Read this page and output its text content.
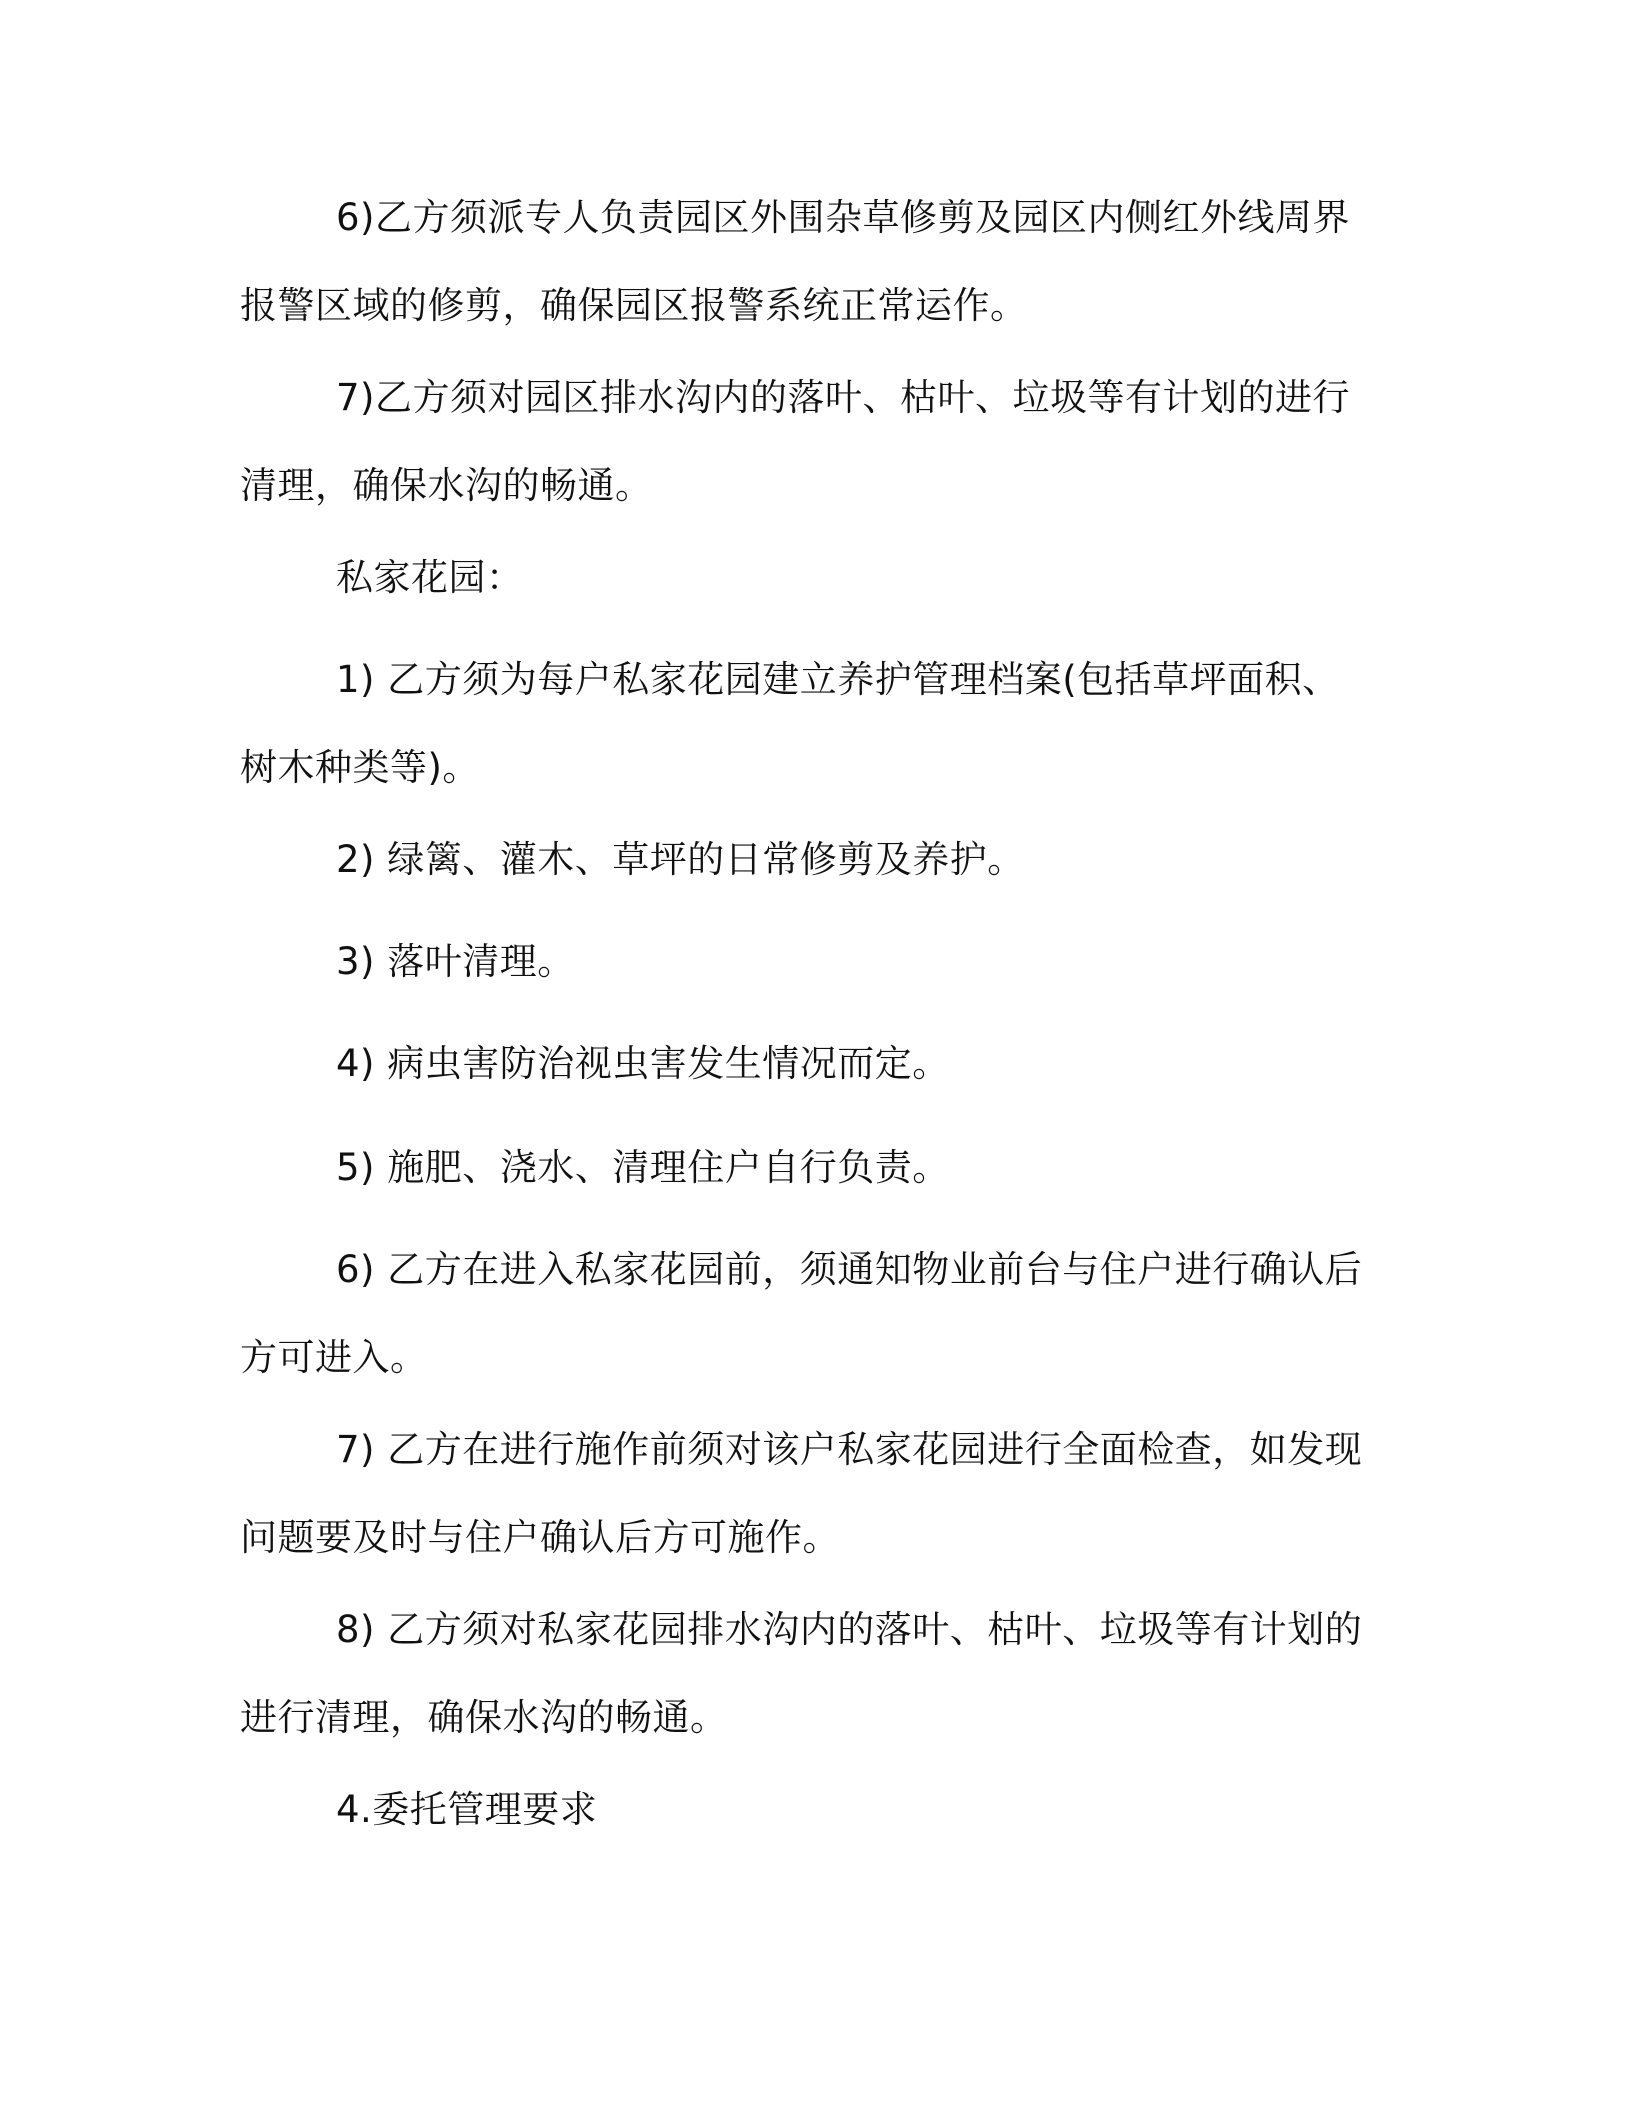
6)乙方须派专人负责园区外围杂草修剪及园区内侧红外线周界报警区域的修剪，确保园区报警系统正常运作。

7)乙方须对园区排水沟内的落叶、枯叶、垃圾等有计划的进行清理，确保水沟的畅通。

私家花园：

1) 乙方须为每户私家花园建立养护管理档案(包括草坪面积、树木种类等)。

2) 绿篱、灌木、草坪的日常修剪及养护。

3) 落叶清理。

4) 病虫害防治视虫害发生情况而定。

5) 施肥、浇水、清理住户自行负责。

6) 乙方在进入私家花园前，须通知物业前台与住户进行确认后方可进入。

7) 乙方在进行施作前须对该户私家花园进行全面检查，如发现问题要及时与住户确认后方可施作。

8) 乙方须对私家花园排水沟内的落叶、枯叶、垃圾等有计划的进行清理，确保水沟的畅通。

4.委托管理要求
